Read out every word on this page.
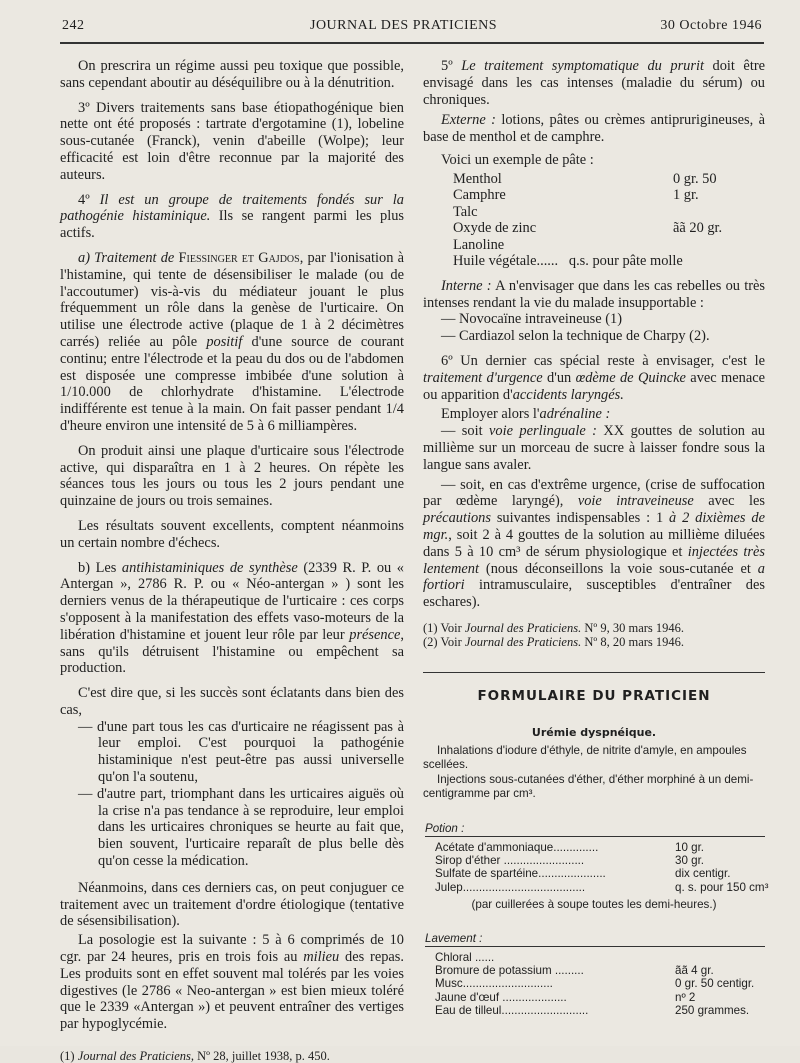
242	JOURNAL DES PRATICIENS	30 Octobre 1946

On prescrira un régime aussi peu toxique que possible, sans cependant aboutir au déséquilibre ou à la dénutrition.

3º Divers traitements sans base étiopathogénique bien nette ont été proposés : tartrate d'ergotamine (1), lobeline sous-cutanée (Franck), venin d'abeille (Wolpe); leur efficacité est loin d'être reconnue par la majorité des auteurs.

4º Il est un groupe de traitements fondés sur la pathogénie histaminique. Ils se rangent parmi les plus actifs.

a) Traitement de Fiessinger et Gajdos, par l'ionisation à l'histamine, qui tente de désensibiliser le malade (ou de l'accoutumer) vis-à-vis du médiateur jouant le plus fréquemment un rôle dans la genèse de l'urticaire. On utilise une électrode active (plaque de 1 à 2 décimètres carrés) reliée au pôle positif d'une source de courant continu; entre l'électrode et la peau du dos ou de l'abdomen est disposée une compresse imbibée d'une solution à 1/10.000 de chlorhydrate d'histamine. L'électrode indifférente est tenue à la main. On fait passer pendant 1/4 d'heure environ une intensité de 5 à 6 milliampères.

On produit ainsi une plaque d'urticaire sous l'électrode active, qui disparaîtra en 1 à 2 heures. On répète les séances tous les jours ou tous les 2 jours pendant une quinzaine de jours ou trois semaines.

Les résultats souvent excellents, comptent néanmoins un certain nombre d'échecs.

b) Les antihistaminiques de synthèse (2339 R. P. ou « Antergan », 2786 R. P. ou « Néo-antergan » ) sont les derniers venus de la thérapeutique de l'urticaire : ces corps s'opposent à la manifestation des effets vaso-moteurs de la libération d'histamine et jouent leur rôle par leur présence, sans qu'ils détruisent l'histamine ou empêchent sa production.

C'est dire que, si les succès sont éclatants dans bien des cas,

— d'une part tous les cas d'urticaire ne réagissent pas à leur emploi. C'est pourquoi la pathogénie histaminique n'est peut-être pas aussi universelle qu'on l'a soutenu,
— d'autre part, triomphant dans les urticaires aiguës où la crise n'a pas tendance à se reproduire, leur emploi dans les urticaires chroniques se heurte au fait que, bien souvent, l'urticaire reparaît de plus belle dès qu'on cesse la médication.

Néanmoins, dans ces derniers cas, on peut conjuguer ce traitement avec un traitement d'ordre étiologique (tentative de sésensibilisation).

La posologie est la suivante : 5 à 6 comprimés de 10 cgr. par 24 heures, pris en trois fois au milieu des repas. Les produits sont en effet souvent mal tolérés par les voies digestives (le 2786 « Neo-antergan » est bien mieux toléré que le 2339 «Antergan ») et peuvent entraîner des vertiges par hypoglycémie.

(1) Journal des Praticiens, Nº 28, juillet 1938, p. 450.

5º Le traitement symptomatique du prurit doit être envisagé dans les cas intenses (maladie du sérum) ou chroniques.

Externe : lotions, pâtes ou crèmes antiprurigineuses, à base de menthol et de camphre.

Voici un exemple de pâte :

Menthol	0 gr. 50
Camphre	1 gr.
Talc	
Oxyde de zinc	ãã 20 gr.
Lanoline	
Huile végétale...... q.s. pour pâte molle	

Interne : A n'envisager que dans les cas rebelles ou très intenses rendant la vie du malade insupportable :

— Novocaïne intraveineuse (1)
— Cardiazol selon la technique de Charpy (2).

6º Un dernier cas spécial reste à envisager, c'est le traitement d'urgence d'un œdème de Quincke avec menace ou apparition d'accidents laryngés.

Employer alors l'adrénaline :

— soit voie perlinguale : XX gouttes de solution au millième sur un morceau de sucre à laisser fondre sous la langue sans avaler.

— soit, en cas d'extrême urgence, (crise de suffocation par œdème laryngé), voie intraveineuse avec les précautions suivantes indispensables : 1 à 2 dixièmes de mgr., soit 2 à 4 gouttes de la solution au millième diluées dans 5 à 10 cm³ de sérum physiologique et injectées très lentement (nous déconseillons la voie sous-cutanée et a fortiori intramusculaire, susceptibles d'entraîner des eschares).

(1) Voir Journal des Praticiens. Nº 9, 30 mars 1946.
(2) Voir Journal des Praticiens. Nº 8, 20 mars 1946.
FORMULAIRE DU PRATICIEN
Urémie dyspnéique.

Inhalations d'iodure d'éthyle, de nitrite d'amyle, en ampoules scellées.

Injections sous-cutanées d'éther, d'éther morphiné à un demi-centigramme par cm³.

Potion :
Acétate d'ammoniaque..............	10 gr.
Sirop d'éther .........................	30 gr.
Sulfate de spartéine.....................	dix centigr.
Julep......................................	q. s. pour 150 cm³
(par cuillerées à soupe toutes les demi-heures.)
Lavement :
Chloral ......	
Bromure de potassium .........	ãã 4 gr.
Musc............................	0 gr. 50 centigr.
Jaune d'œuf ....................	nº 2
Eau de tilleul...........................	250 grammes.
